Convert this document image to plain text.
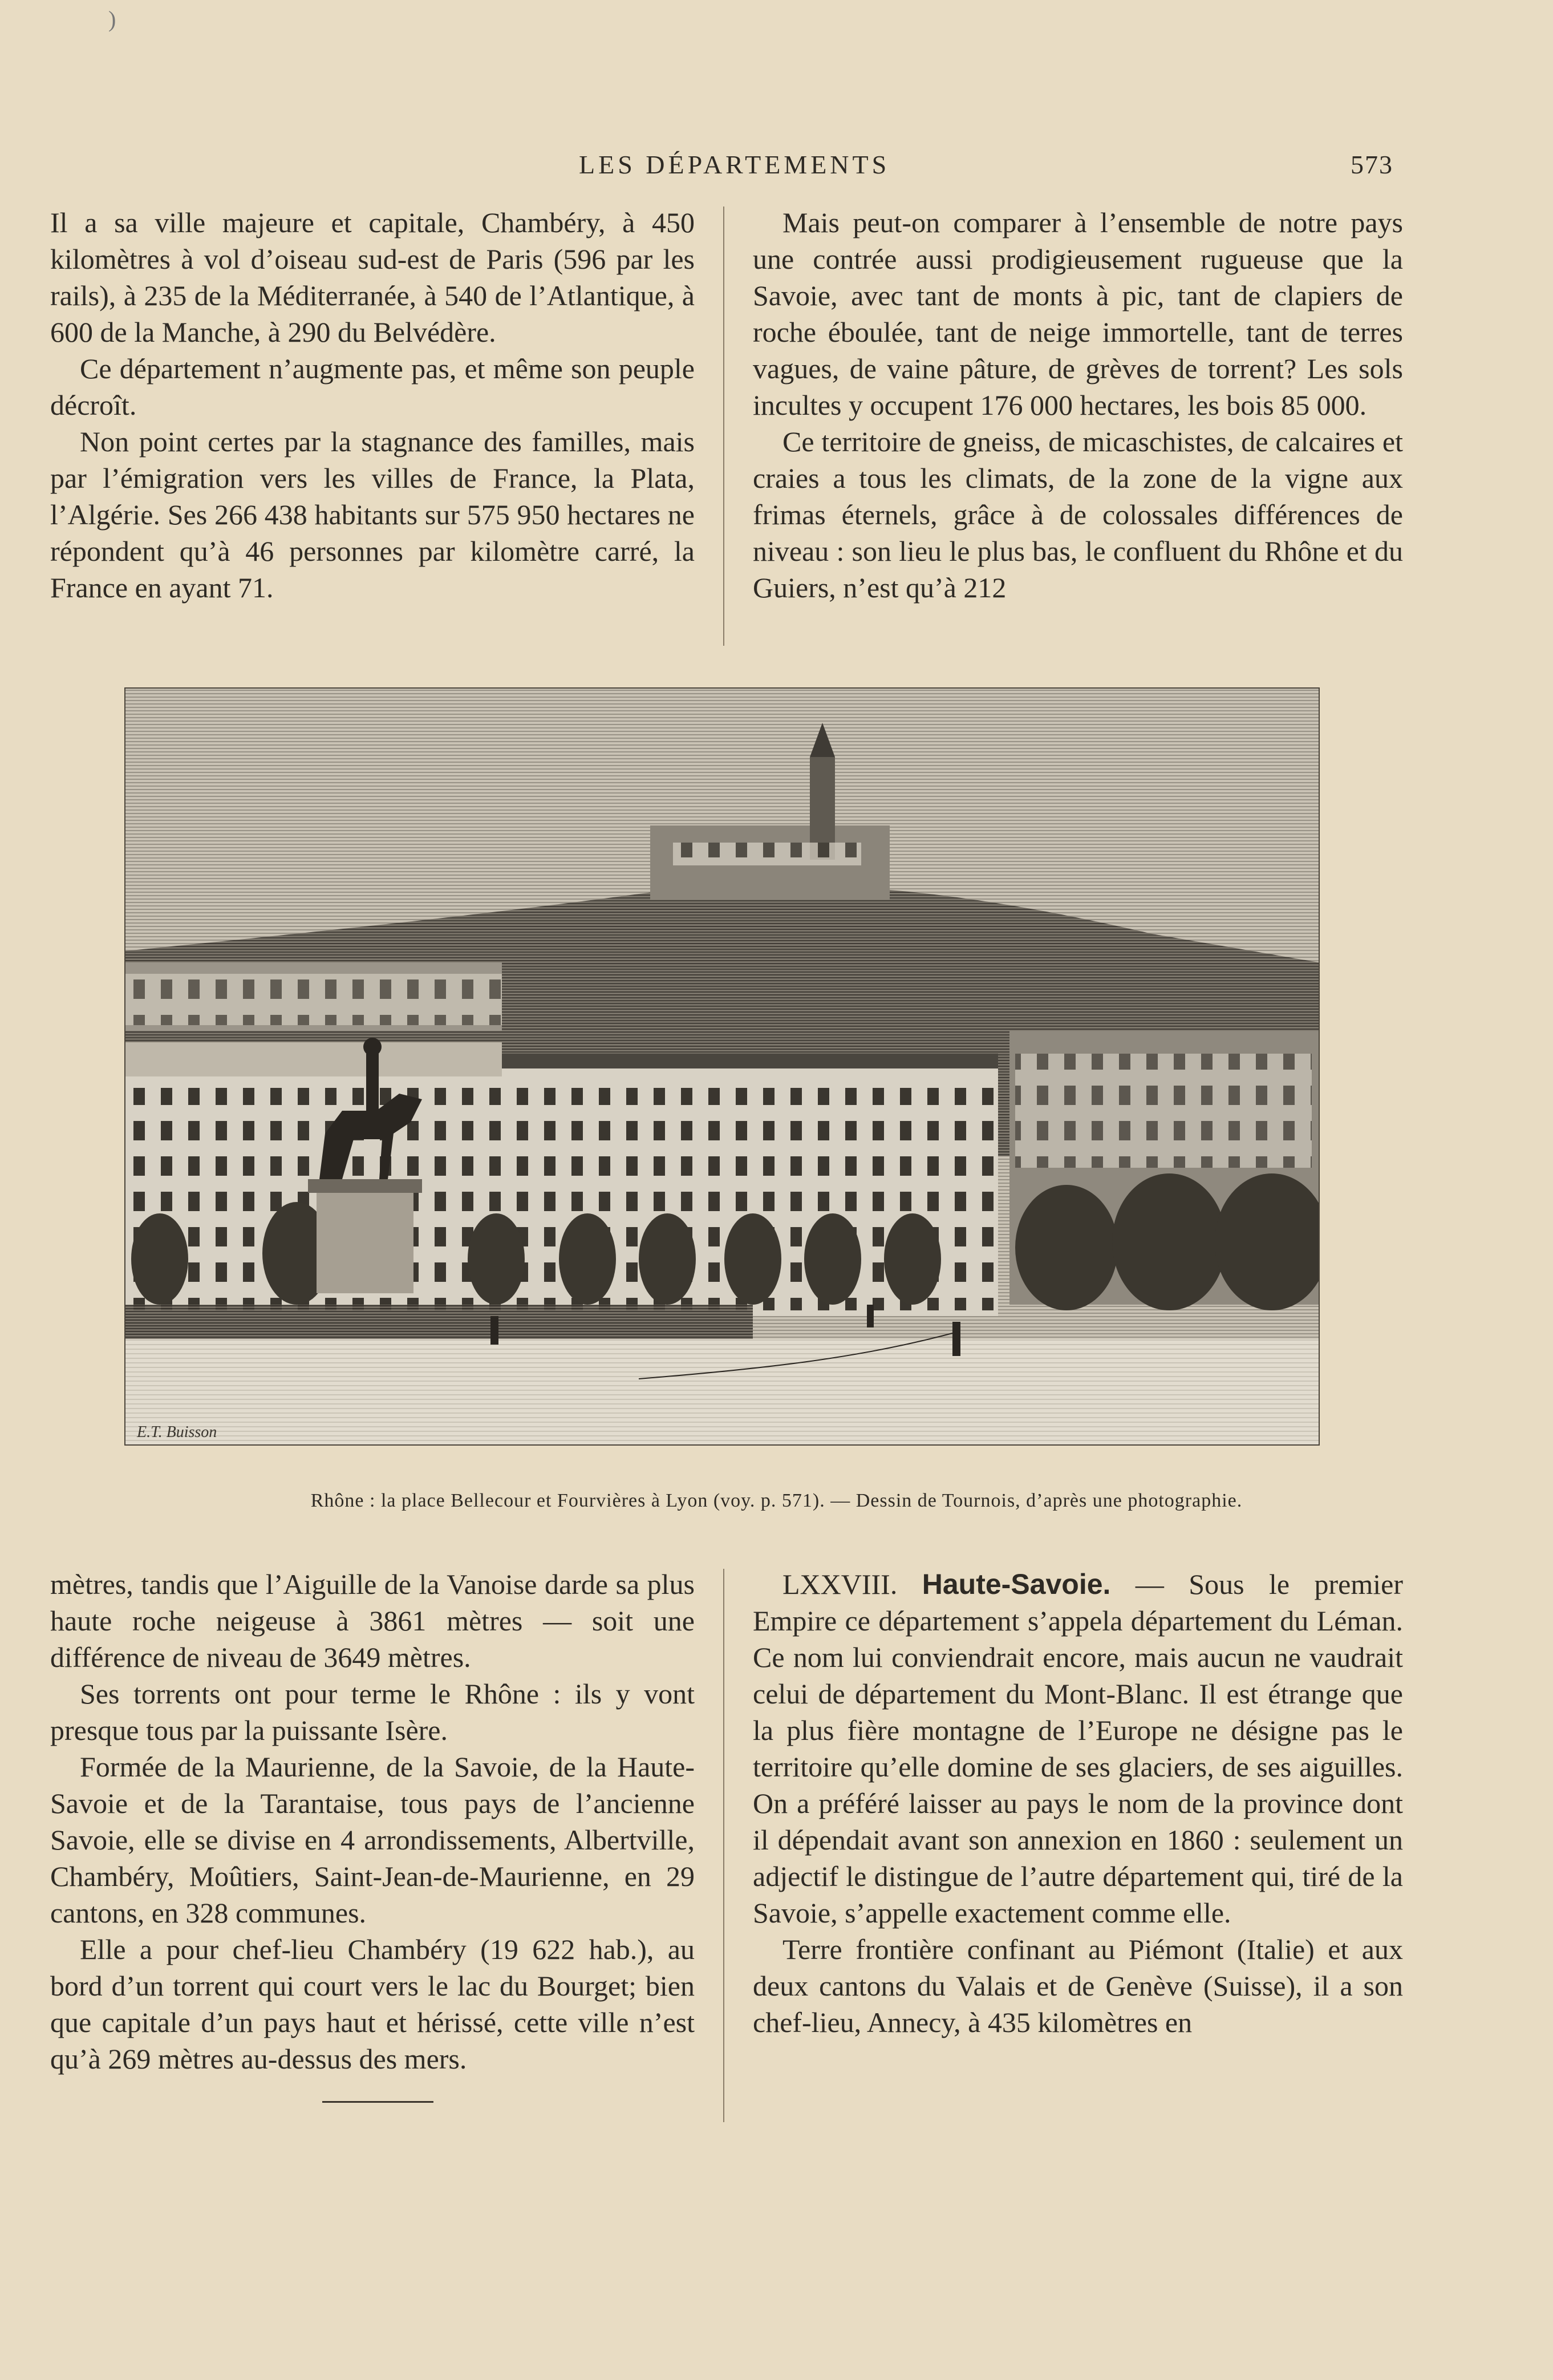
LES DÉPARTEMENTS	573
)

Il a sa ville majeure et capitale, Chambéry, à 450 kilomètres à vol d’oiseau sud-est de Paris (596 par les rails), à 235 de la Méditerranée, à 540 de l’Atlantique, à 600 de la Manche, à 290 du Belvédère.

Ce département n’augmente pas, et même son peuple décroît.

Non point certes par la stagnance des familles, mais par l’émigration vers les villes de France, la Plata, l’Algérie. Ses 266 438 habitants sur 575 950 hectares ne répondent qu’à 46 personnes par kilomètre carré, la France en ayant 71.

Mais peut-on comparer à l’ensemble de notre pays une contrée aussi prodigieusement rugueuse que la Savoie, avec tant de monts à pic, tant de clapiers de roche éboulée, tant de neige immortelle, tant de terres vagues, de vaine pâture, de grèves de torrent? Les sols incultes y occupent 176 000 hectares, les bois 85 000.

Ce territoire de gneiss, de micaschistes, de calcaires et craies a tous les climats, de la zone de la vigne aux frimas éternels, grâce à de colossales différences de niveau : son lieu le plus bas, le confluent du Rhône et du Guiers, n’est qu’à 212

E.T. Buisson
Rhône : la place Bellecour et Fourvières à Lyon (voy. p. 571). — Dessin de Tournois, d’après une photographie.

mètres, tandis que l’Aiguille de la Vanoise darde sa plus haute roche neigeuse à 3861 mètres — soit une différence de niveau de 3649 mètres.

Ses torrents ont pour terme le Rhône : ils y vont presque tous par la puissante Isère.

Formée de la Maurienne, de la Savoie, de la Haute-Savoie et de la Tarantaise, tous pays de l’ancienne Savoie, elle se divise en 4 arrondissements, Albertville, Chambéry, Moûtiers, Saint-Jean-de-Maurienne, en 29 cantons, en 328 communes.

Elle a pour chef-lieu Chambéry (19 622 hab.), au bord d’un torrent qui court vers le lac du Bourget; bien que capitale d’un pays haut et hérissé, cette ville n’est qu’à 269 mètres au-dessus des mers.

LXXVIII. Haute-Savoie. — Sous le premier Empire ce département s’appela département du Léman. Ce nom lui conviendrait encore, mais aucun ne vaudrait celui de département du Mont-Blanc. Il est étrange que la plus fière montagne de l’Europe ne désigne pas le territoire qu’elle domine de ses glaciers, de ses aiguilles. On a préféré laisser au pays le nom de la province dont il dépendait avant son annexion en 1860 : seulement un adjectif le distingue de l’autre département qui, tiré de la Savoie, s’appelle exactement comme elle.

Terre frontière confinant au Piémont (Italie) et aux deux cantons du Valais et de Genève (Suisse), il a son chef-lieu, Annecy, à 435 kilomètres en
